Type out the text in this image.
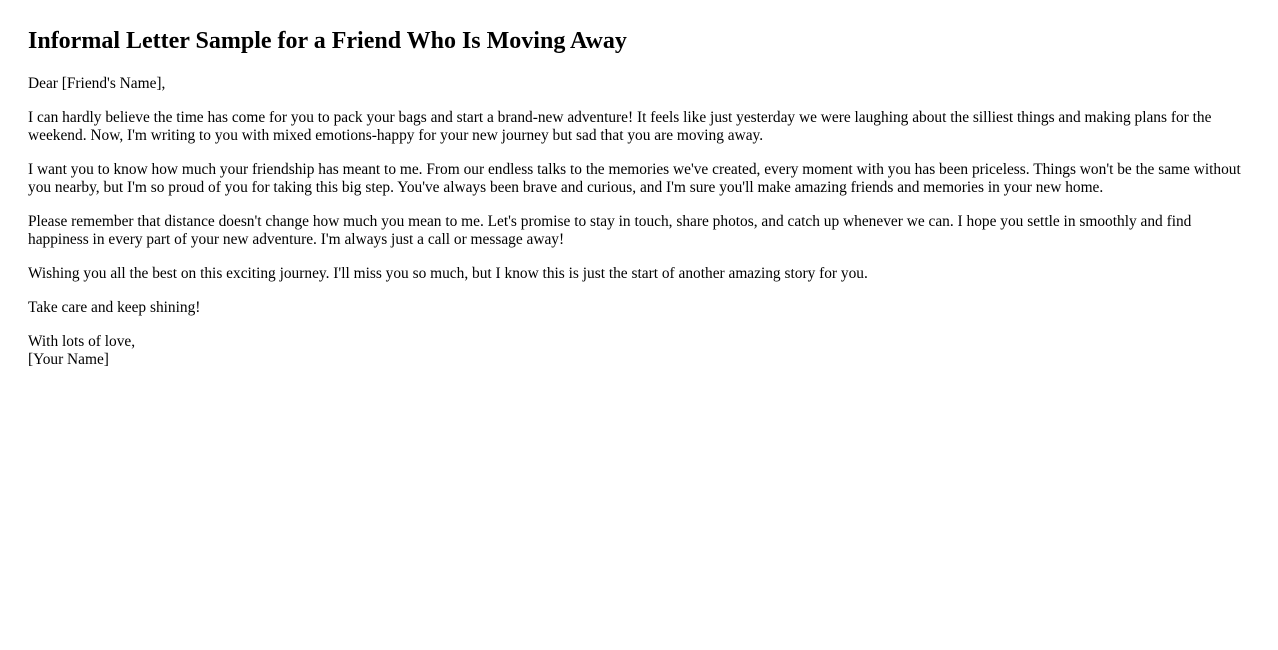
Informal Letter Sample for a Friend Who Is Moving Away

Dear [Friend's Name],

I can hardly believe the time has come for you to pack your bags and start a brand-new adventure! It feels like just yesterday we were laughing about the silliest things and making plans for the weekend. Now, I'm writing to you with mixed emotions-happy for your new journey but sad that you are moving away.

I want you to know how much your friendship has meant to me. From our endless talks to the memories we've created, every moment with you has been priceless. Things won't be the same without you nearby, but I'm so proud of you for taking this big step. You've always been brave and curious, and I'm sure you'll make amazing friends and memories in your new home.

Please remember that distance doesn't change how much you mean to me. Let's promise to stay in touch, share photos, and catch up whenever we can. I hope you settle in smoothly and find happiness in every part of your new adventure. I'm always just a call or message away!

Wishing you all the best on this exciting journey. I'll miss you so much, but I know this is just the start of another amazing story for you.

Take care and keep shining!

With lots of love,
[Your Name]
